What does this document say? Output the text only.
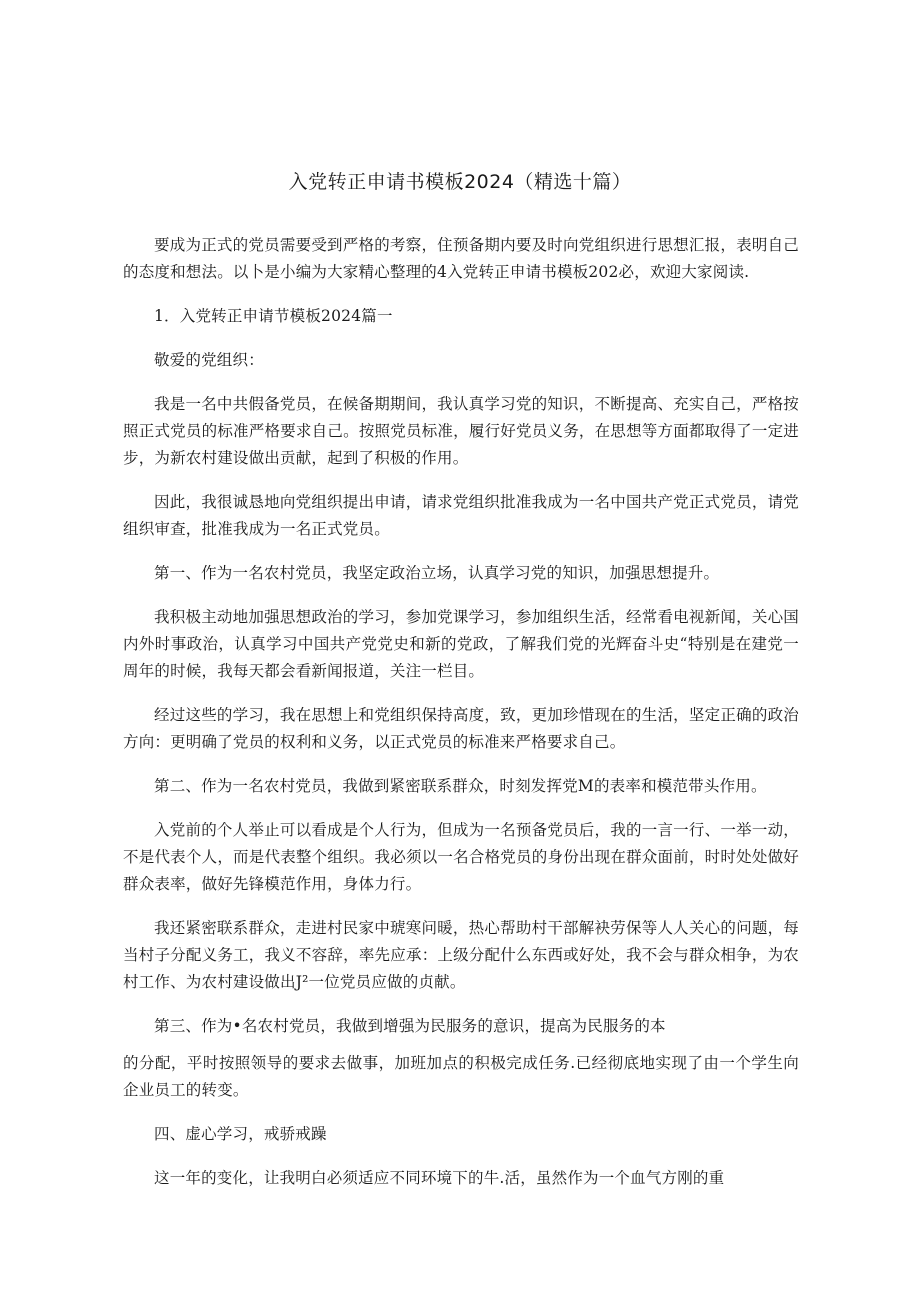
入党转正申请书模板2024（精选十篇）

要成为正式的党员需要受到严格的考察，住预备期内要及时向党组织进行思想汇报，表明自己的态度和想法。以卜是小编为大家精心整理的4入党转正申请书模板202必，欢迎大家阅读.

1．入党转正申请节模板2024篇一

敬爱的党组织：

我是一名中共假备党员，在候备期期间，我认真学习党的知识，不断提高、充实自己，严格按照正式党员的标准严格要求自己。按照党员标准，履行好党员义务，在思想等方面都取得了一定进步，为新农村建设做出贡献，起到了积极的作用。

因此，我很诚恳地向党组织提出申请，请求党组织批准我成为一名中国共产党正式党员，请党组织审查，批准我成为一名正式党员。

第一、作为一名农村党员，我坚定政治立场，认真学习党的知识，加强思想提升。

我积极主动地加强思想政治的学习，参加党课学习，参加组织生活，经常看电视新闻，关心国内外时事政治，认真学习中国共产党党史和新的党政，了解我们党的光辉奋斗史“特别是在建党一周年的时候，我每天都会看新闻报道，关注一栏目。

经过这些的学习，我在思想上和党组织保持高度，致，更加珍惜现在的生活，坚定正确的政治方向：更明确了党员的权利和义务，以正式党员的标准来严格要求自己。

第二、作为一名农村党员，我做到紧密联系群众，时刻发挥党M的表率和模范带头作用。

入党前的个人举止可以看成是个人行为，但成为一名预备党员后，我的一言一行、一举一动，不是代表个人，而是代表整个组织。我必须以一名合格党员的身份出现在群众面前，时时处处做好群众表率，做好先锋模范作用，身体力行。

我还紧密联系群众，走进村民家中琥寒问暖，热心帮助村干部解袂劳保等人人关心的问题，每当村子分配义务工，我义不容辞，率先应承：上级分配什么东西或好处，我不会与群众相争，为农村工作、为农村建设做出J²一位党员应做的贞献。

第三、作为•名农村党员，我做到增强为民服务的意识，提高为民服务的本

的分配，平时按照领导的要求去做事，加班加点的积极完成任务.已经彻底地实现了由一个学生向企业员工的转变。

四、虚心学习，戒骄戒躁

这一年的变化，让我明白必须适应不同环境下的牛.活，虽然作为一个血气方刚的重
